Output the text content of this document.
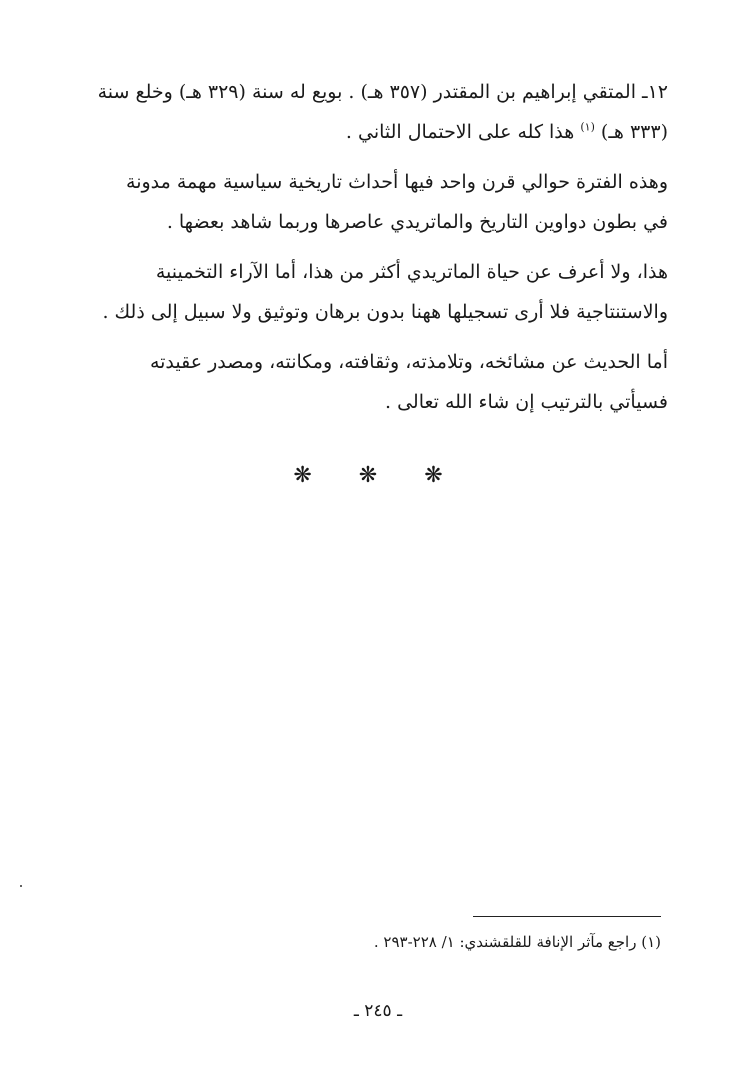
١٢ـ المتقي إبراهيم بن المقتدر (٣٥٧ هـ) . بويع له سنة (٣٢٩ هـ) وخلع سنة (٣٣٣ هـ) $^{(١)}$ هذا كله على الاحتمال الثاني .

وهذه الفترة حوالي قرن واحد فيها أحداث تاريخية سياسية مهمة مدونة في بطون دواوين التاريخ والماتريدي عاصرها وربما شاهد بعضها .

هذا، ولا أعرف عن حياة الماتريدي أكثر من هذا، أما الآراء التخمينية والاستنتاجية فلا أرى تسجيلها ههنا بدون برهان وتوثيق ولا سبيل إلى ذلك .

أما الحديث عن مشائخه، وتلامذته، وثقافته، ومكانته، ومصدر عقيدته فسيأتي بالترتيب إن شاء الله تعالى .

❋ ❋ ❋
(١) راجع مآثر الإنافة للقلقشندي: ١/ ٢٢٨-٢٩٣ .
ـ ٢٤٥ ـ
